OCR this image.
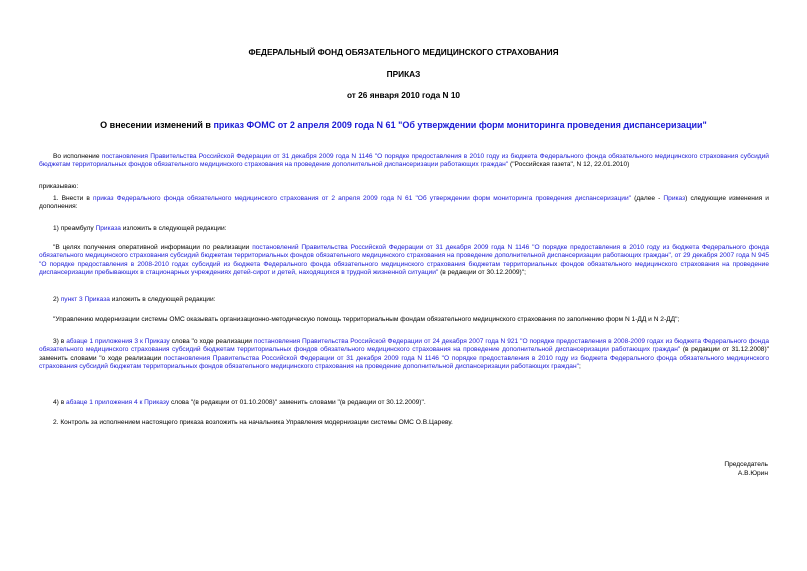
ФЕДЕРАЛЬНЫЙ ФОНД ОБЯЗАТЕЛЬНОГО МЕДИЦИНСКОГО СТРАХОВАНИЯ
ПРИКАЗ
от 26 января 2010 года N 10
О внесении изменений в приказ ФОМС от 2 апреля 2009 года N 61 "Об утверждении форм мониторинга проведения диспансеризации"
Во исполнение постановления Правительства Российской Федерации от 31 декабря 2009 года N 1146 "О порядке предоставления в 2010 году из бюджета Федерального фонда обязательного медицинского страхования субсидий бюджетам территориальных фондов обязательного медицинского страхования на проведение дополнительной диспансеризации работающих граждан" ("Российская газета", N 12, 22.01.2010)
приказываю:
1. Внести в приказ Федерального фонда обязательного медицинского страхования от 2 апреля 2009 года N 61 "Об утверждении форм мониторинга проведения диспансеризации" (далее - Приказ) следующие изменения и дополнения:
1) преамбулу Приказа изложить в следующей редакции:
"В целях получения оперативной информации по реализации постановлений Правительства Российской Федерации от 31 декабря 2009 года N 1146 "О порядке предоставления в 2010 году из бюджета Федерального фонда обязательного медицинского страхования субсидий бюджетам территориальных фондов обязательного медицинского страхования на проведение дополнительной диспансеризации работающих граждан", от 29 декабря 2007 года N 945 "О порядке предоставления в 2008-2010 годах субсидий из бюджета Федерального фонда обязательного медицинского страхования бюджетам территориальных фондов обязательного медицинского страхования на проведение диспансеризации пребывающих в стационарных учреждениях детей-сирот и детей, находящихся в трудной жизненной ситуации" (в редакции от 30.12.2009)";
2) пункт 3 Приказа изложить в следующей редакции:
"Управлению модернизации системы ОМС оказывать организационно-методическую помощь территориальным фондам обязательного медицинского страхования по заполнению форм N 1-ДД и N 2-ДД";
3) в абзаце 1 приложения 3 к Приказу слова "о ходе реализации постановления Правительства Российской Федерации от 24 декабря 2007 года N 921 "О порядке предоставления в 2008-2009 годах из бюджета Федерального фонда обязательного медицинского страхования субсидий бюджетам территориальных фондов обязательного медицинского страхования на проведение дополнительной диспансеризации работающих граждан" (в редакции от 31.12.2008)" заменить словами "о ходе реализации постановления Правительства Российской Федерации от 31 декабря 2009 года N 1146 "О порядке предоставления в 2010 году из бюджета Федерального фонда обязательного медицинского страхования субсидий бюджетам территориальных фондов обязательного медицинского страхования на проведение дополнительной диспансеризации работающих граждан";
4) в абзаце 1 приложения 4 к Приказу слова "(в редакции от 01.10.2008)" заменить словами "(в редакции от 30.12.2009)".
2. Контроль за исполнением настоящего приказа возложить на начальника Управления модернизации системы ОМС О.В.Цареву.
Председатель
А.В.Юрин
